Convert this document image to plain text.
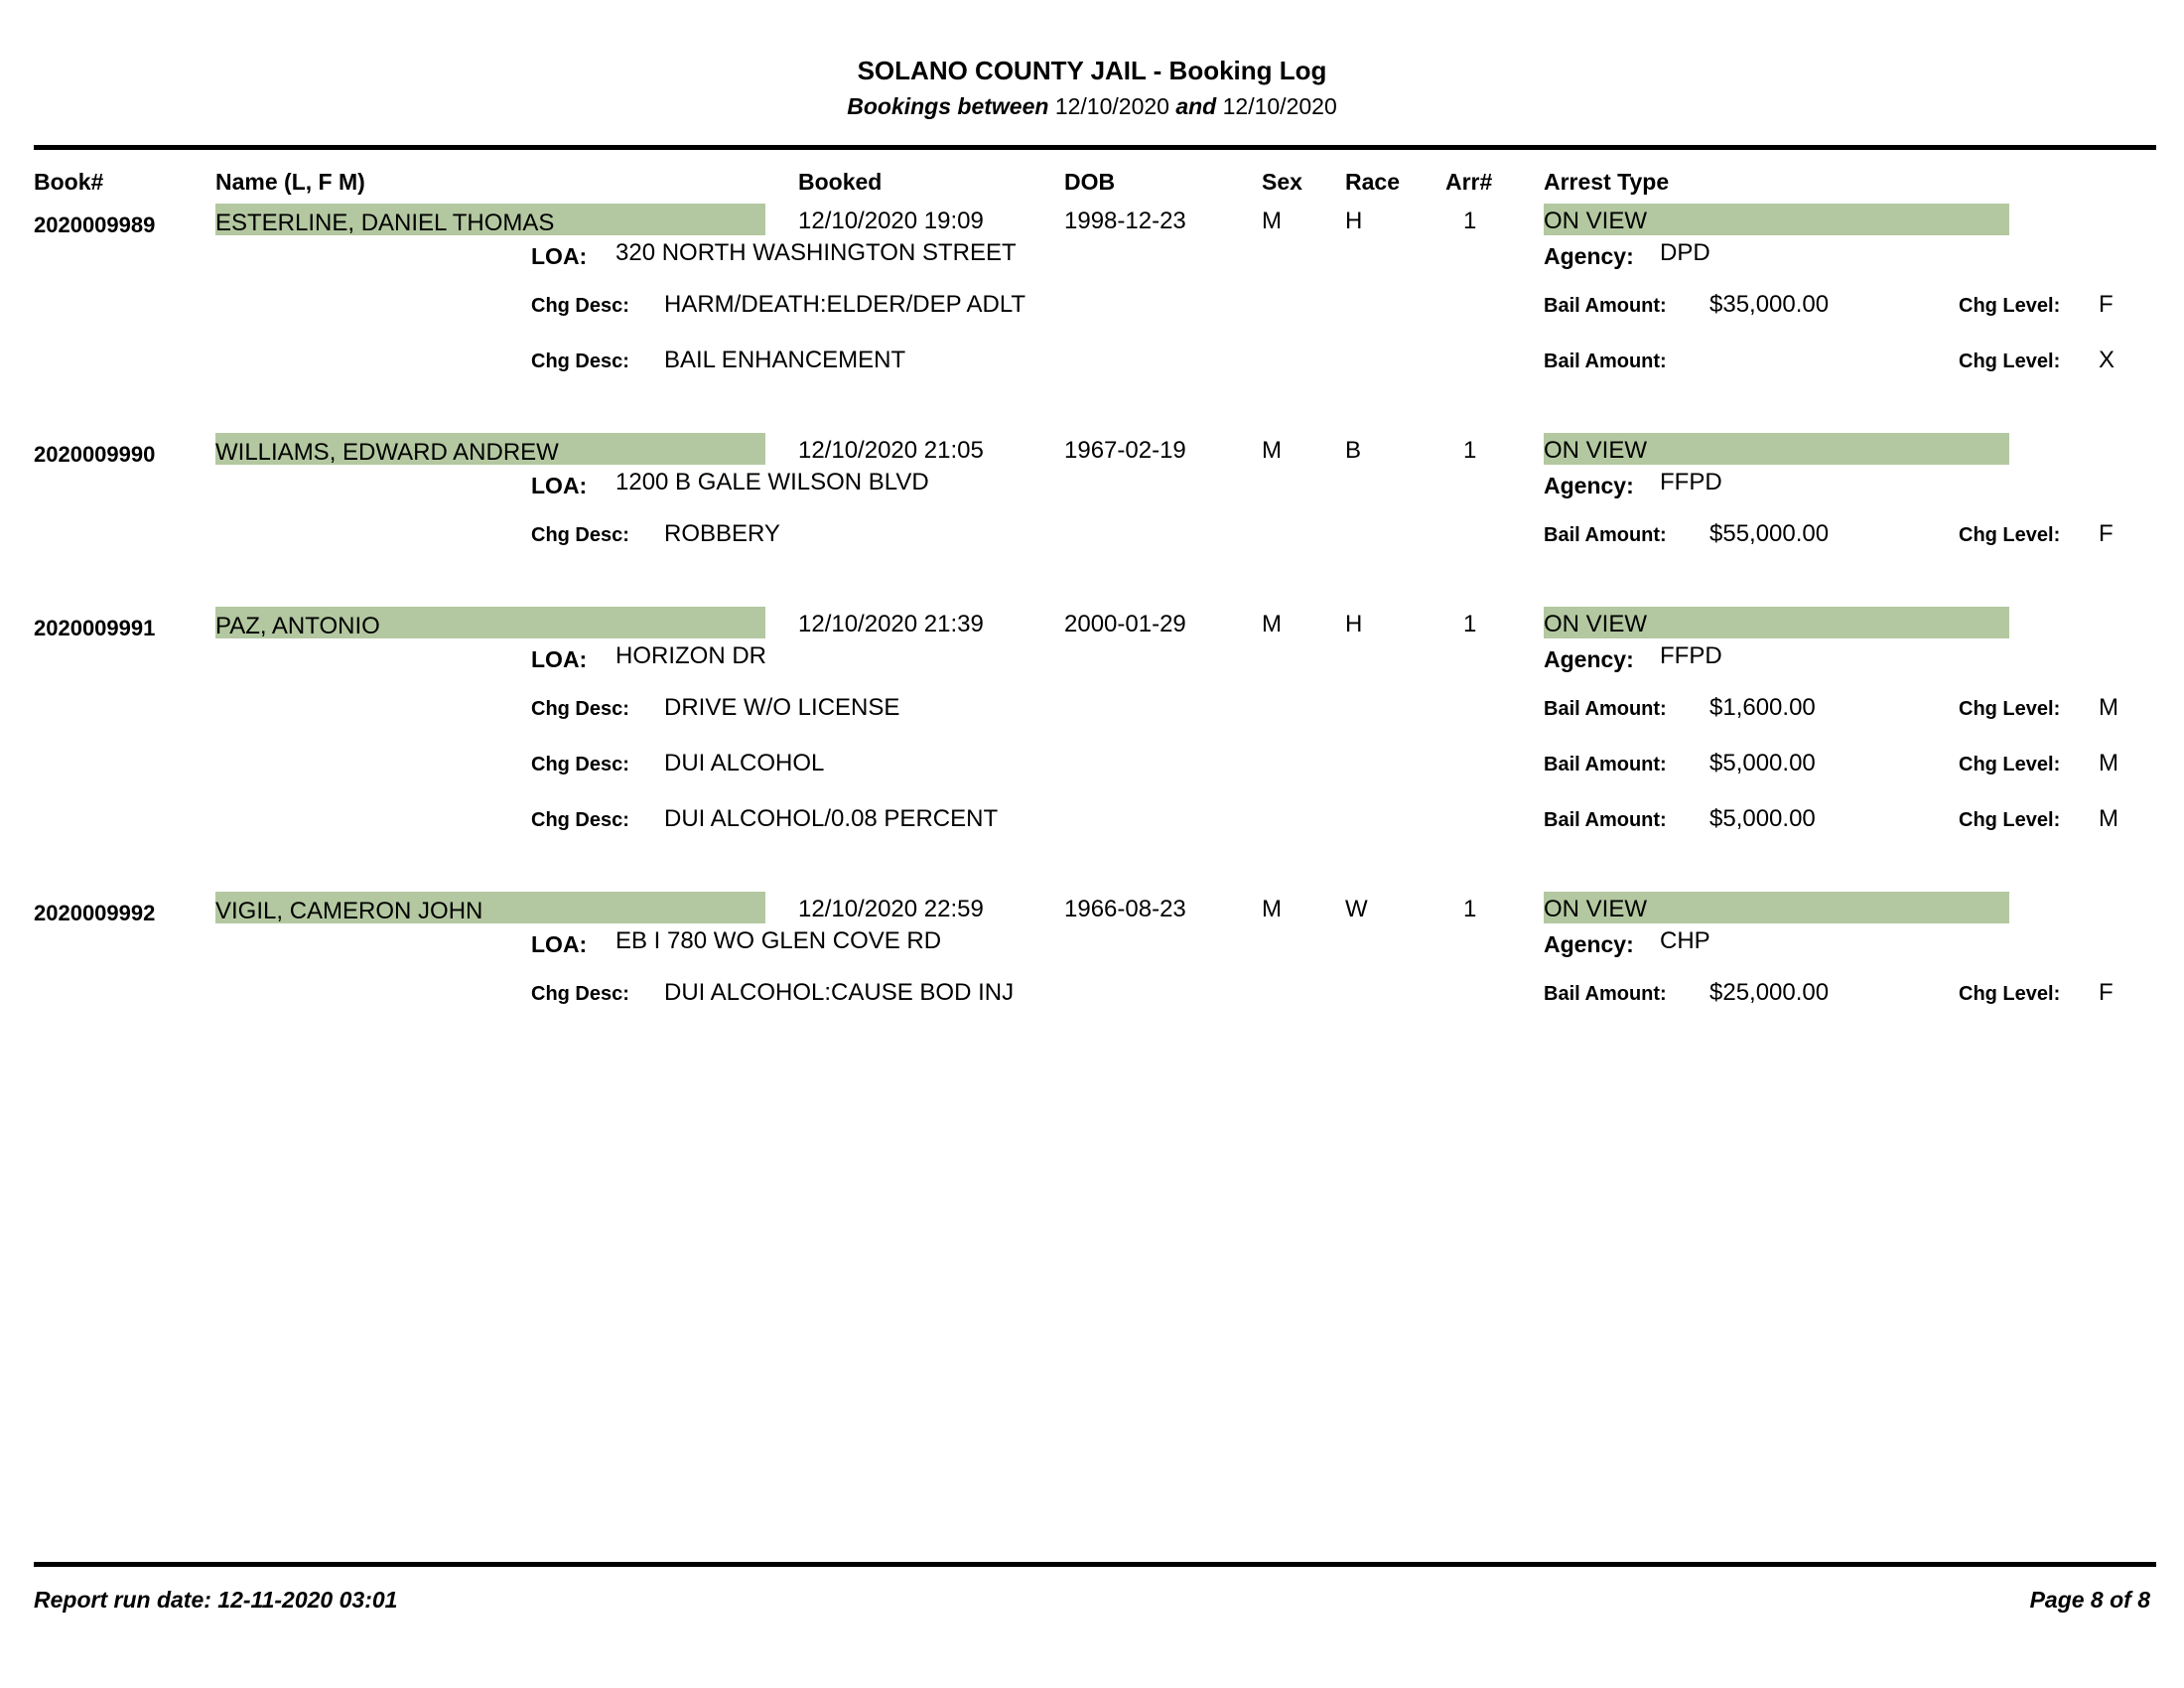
SOLANO COUNTY JAIL - Booking Log
Bookings between 12/10/2020 and 12/10/2020
Book#	Name (L, F M)	Booked	DOB	Sex Race Arr# Arrest Type
2020009989	ESTERLINE, DANIEL THOMAS	12/10/2020 19:09	1998-12-23	M	H	1	ON VIEW
LOA: 320 NORTH WASHINGTON STREET	Agency: DPD
Chg Desc: HARM/DEATH:ELDER/DEP ADLT	Bail Amount: $35,000.00	Chg Level: F
Chg Desc: BAIL ENHANCEMENT	Bail Amount:	Chg Level: X
2020009990	WILLIAMS, EDWARD ANDREW	12/10/2020 21:05	1967-02-19	M	B	1	ON VIEW
LOA: 1200 B GALE WILSON BLVD	Agency: FFPD
Chg Desc: ROBBERY	Bail Amount: $55,000.00	Chg Level: F
2020009991	PAZ, ANTONIO	12/10/2020 21:39	2000-01-29	M	H	1	ON VIEW
LOA: HORIZON DR	Agency: FFPD
Chg Desc: DRIVE W/O LICENSE	Bail Amount: $1,600.00	Chg Level: M
Chg Desc: DUI ALCOHOL	Bail Amount: $5,000.00	Chg Level: M
Chg Desc: DUI ALCOHOL/0.08 PERCENT	Bail Amount: $5,000.00	Chg Level: M
2020009992	VIGIL, CAMERON JOHN	12/10/2020 22:59	1966-08-23	M	W	1	ON VIEW
LOA: EB I 780 WO GLEN COVE RD	Agency: CHP
Chg Desc: DUI ALCOHOL:CAUSE BOD INJ	Bail Amount: $25,000.00	Chg Level: F
Report run date: 12-11-2020 03:01	Page 8 of 8
